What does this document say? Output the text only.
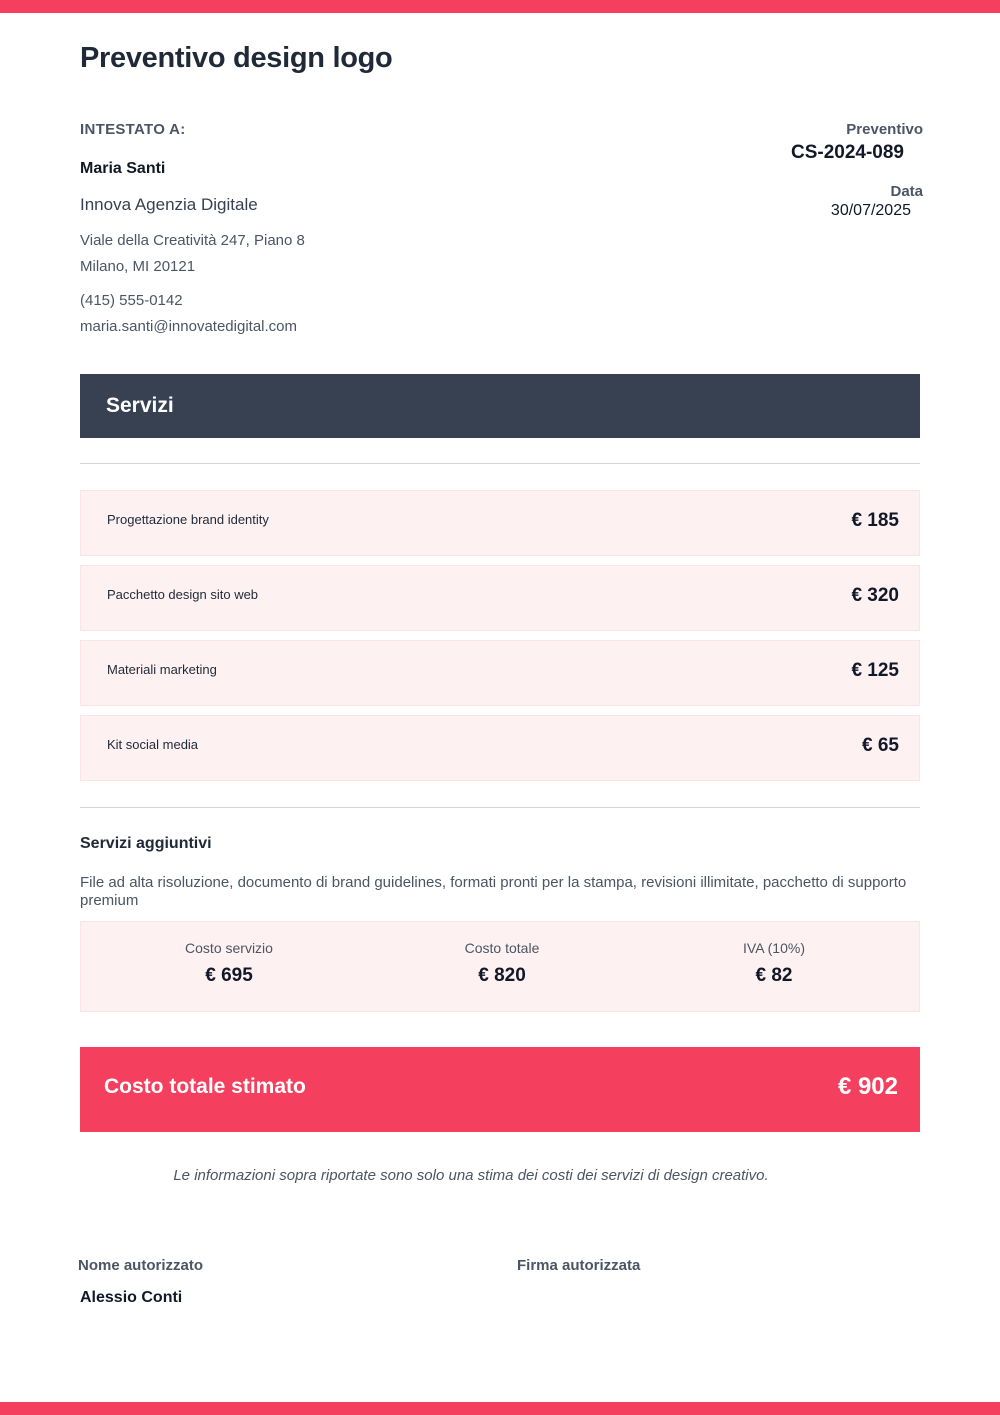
Preventivo design logo
INTESTATO A:
Maria Santi
Innova Agenzia Digitale
Viale della Creatività 247, Piano 8
Milano, MI 20121
(415) 555-0142
maria.santi@innovatedigital.com
Preventivo
CS-2024-089
Data
30/07/2025
Servizi
Progettazione brand identity	€ 185
Pacchetto design sito web	€ 320
Materiali marketing	€ 125
Kit social media	€ 65
Servizi aggiuntivi
File ad alta risoluzione, documento di brand guidelines, formati pronti per la stampa, revisioni illimitate, pacchetto di supporto premium
Costo servizio
€ 695
Costo totale
€ 820
IVA (10%)
€ 82
Costo totale stimato	€ 902
Le informazioni sopra riportate sono solo una stima dei costi dei servizi di design creativo.
Nome autorizzato	Firma autorizzata
Alessio Conti
